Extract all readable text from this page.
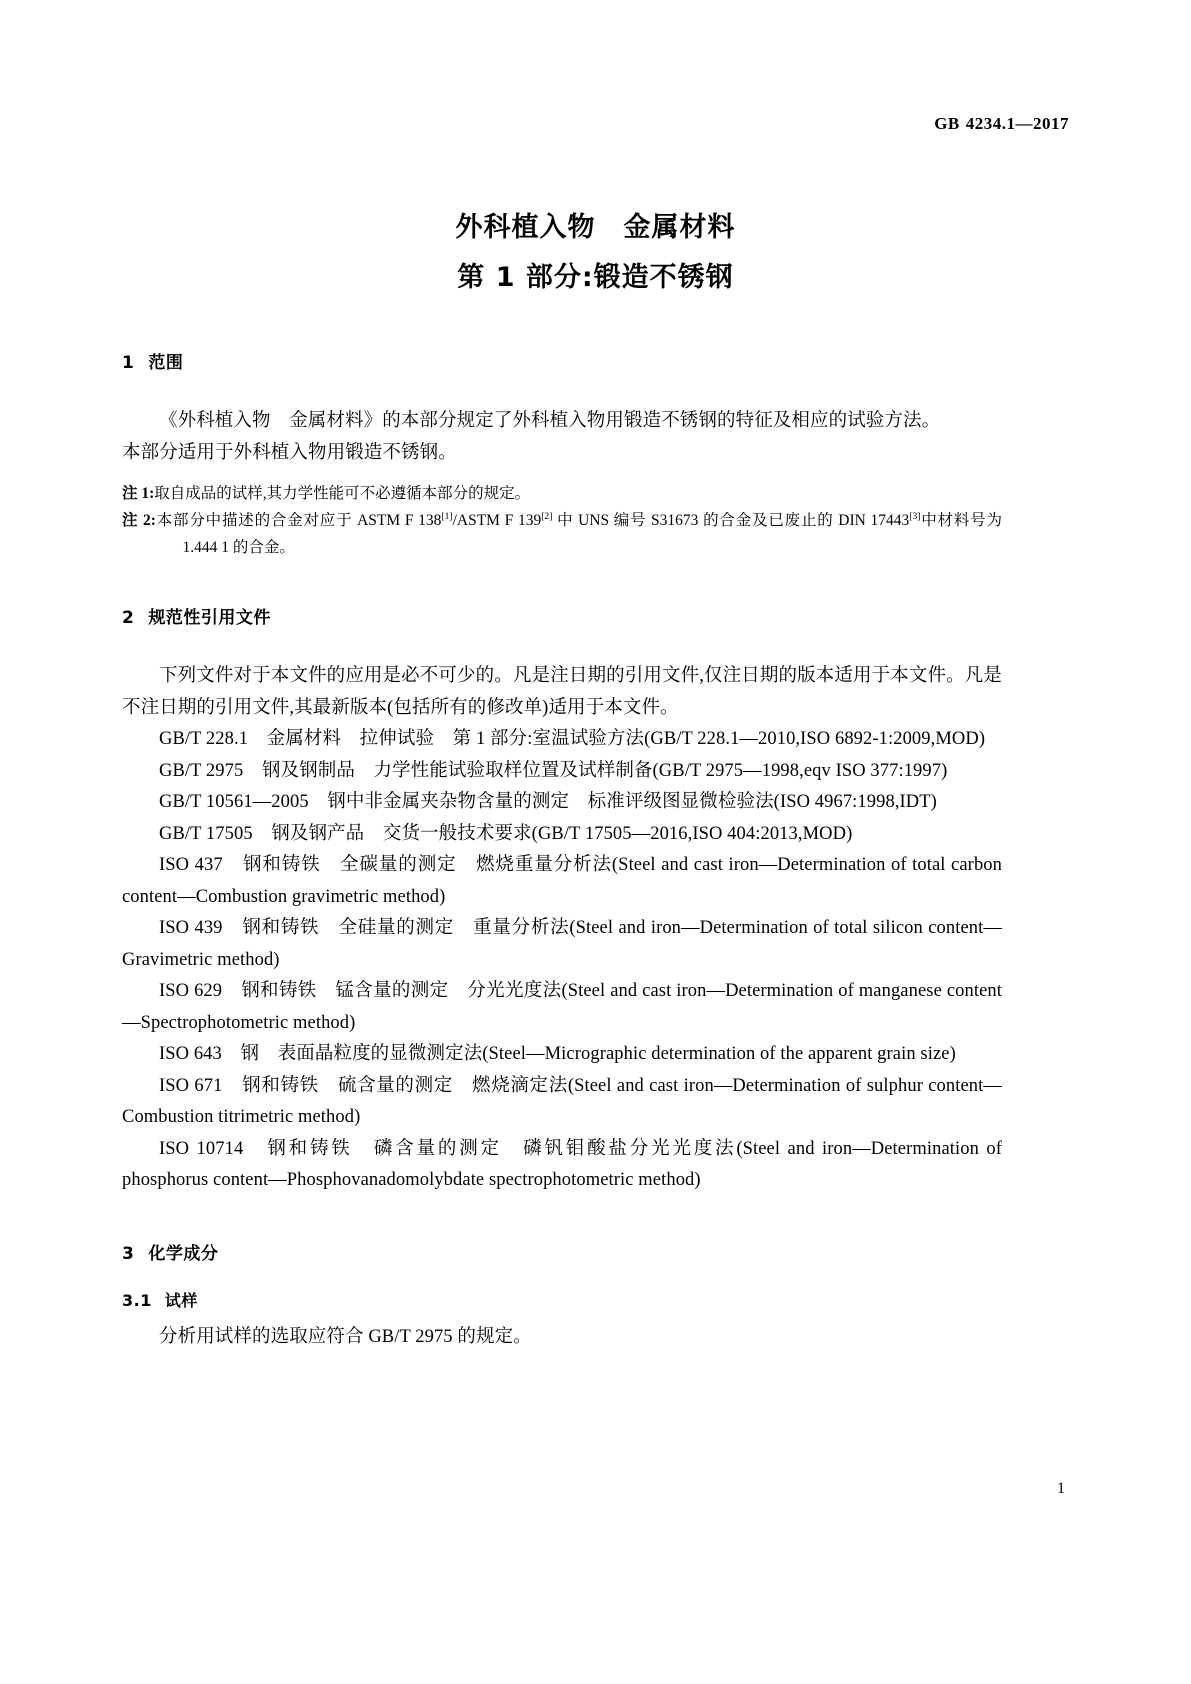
GB 4234.1—2017
外科植入物　金属材料
第 1 部分:锻造不锈钢
1 范围

《外科植入物　金属材料》的本部分规定了外科植入物用锻造不锈钢的特征及相应的试验方法。

本部分适用于外科植入物用锻造不锈钢。

注 1:取自成品的试样,其力学性能可不必遵循本部分的规定。

注 2:本部分中描述的合金对应于 ASTM F 138[1]/ASTM F 139[2] 中 UNS 编号 S31673 的合金及已废止的 DIN 17443[3]中材料号为 1.444 1 的合金。

2 规范性引用文件

下列文件对于本文件的应用是必不可少的。凡是注日期的引用文件,仅注日期的版本适用于本文件。凡是不注日期的引用文件,其最新版本(包括所有的修改单)适用于本文件。

GB/T 228.1　金属材料　拉伸试验　第 1 部分:室温试验方法(GB/T 228.1—2010,ISO 6892-1:2009,MOD)

GB/T 2975　钢及钢制品　力学性能试验取样位置及试样制备(GB/T 2975—1998,eqv ISO 377:1997)

GB/T 10561—2005　钢中非金属夹杂物含量的测定　标准评级图显微检验法(ISO 4967:1998,IDT)

GB/T 17505　钢及钢产品　交货一般技术要求(GB/T 17505—2016,ISO 404:2013,MOD)

ISO 437　钢和铸铁　全碳量的测定　燃烧重量分析法(Steel and cast iron—Determination of total carbon content—Combustion gravimetric method)

ISO 439　钢和铸铁　全硅量的测定　重量分析法(Steel and iron—Determination of total silicon content—Gravimetric method)

ISO 629　钢和铸铁　锰含量的测定　分光光度法(Steel and cast iron—Determination of manganese content—Spectrophotometric method)

ISO 643　钢　表面晶粒度的显微测定法(Steel—Micrographic determination of the apparent grain size)

ISO 671　钢和铸铁　硫含量的测定　燃烧滴定法(Steel and cast iron—Determination of sulphur content—Combustion titrimetric method)

ISO 10714　钢和铸铁　磷含量的测定　磷钒钼酸盐分光光度法(Steel and iron—Determination of phosphorus content—Phosphovanadomolybdate spectrophotometric method)

3 化学成分
3.1 试样

分析用试样的选取应符合 GB/T 2975 的规定。

1
